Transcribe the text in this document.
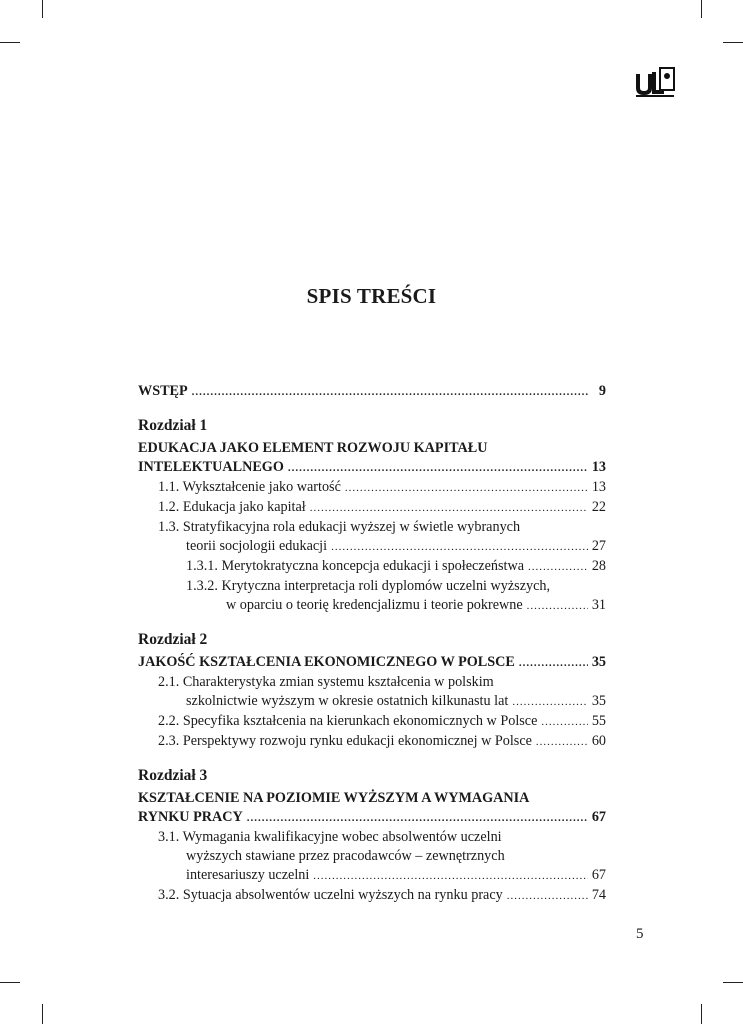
SPIS TREŚCI
WSTĘP .....	9
Rozdział 1
EDUKACJA JAKO ELEMENT ROZWOJU KAPITAŁU
INTELEKTUALNEGO .....	13
1.1. Wykształcenie jako wartość .....	13
1.2. Edukacja jako kapitał .....	22
1.3. Stratyfikacyjna rola edukacji wyższej w świetle wybranych
teorii socjologii edukacji .....	27
1.3.1. Merytokratyczna koncepcja edukacji i społeczeństwa .....	28
1.3.2. Krytyczna interpretacja roli dyplomów uczelni wyższych,
w oparciu o teorię kredencjalizmu i teorie pokrewne .....	31
Rozdział 2
JAKOŚĆ KSZTAŁCENIA EKONOMICZNEGO W POLSCE .....	35
2.1. Charakterystyka zmian systemu kształcenia w polskim
szkolnictwie wyższym w okresie ostatnich kilkunastu lat .....	35
2.2. Specyfika kształcenia na kierunkach ekonomicznych w Polsce .....	55
2.3. Perspektywy rozwoju rynku edukacji ekonomicznej w Polsce .....	60
Rozdział 3
KSZTAŁCENIE NA POZIOMIE WYŻSZYM A WYMAGANIA
RYNKU PRACY .....	67
3.1. Wymagania kwalifikacyjne wobec absolwentów uczelni
wyższych stawiane przez pracodawców – zewnętrznych
interesariuszy uczelni .....	67
3.2. Sytuacja absolwentów uczelni wyższych na rynku pracy .....	74
5
